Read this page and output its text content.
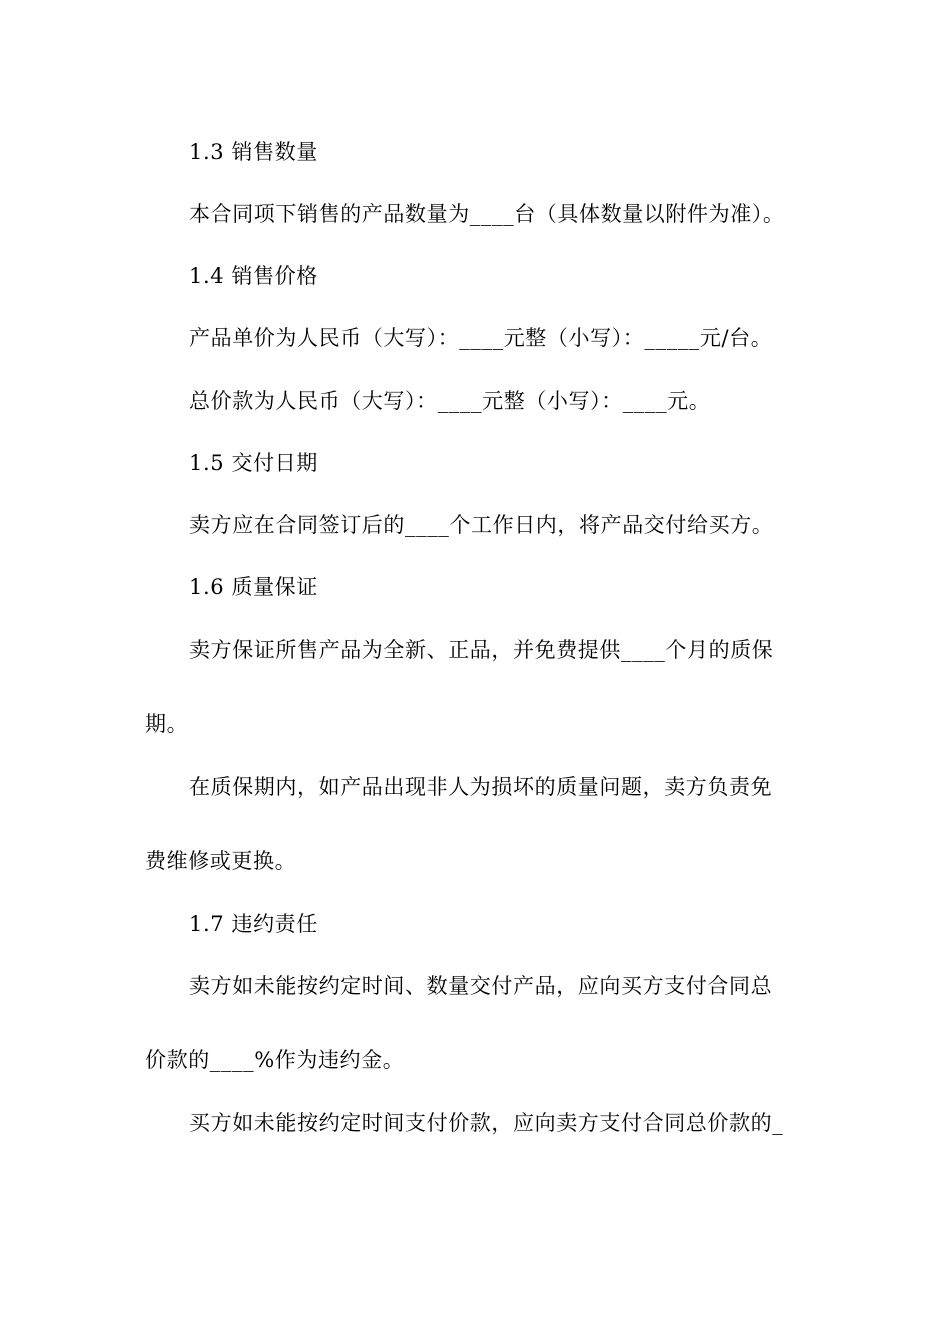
1.3 销售数量
本合同项下销售的产品数量为____台（具体数量以附件为准）。
1.4 销售价格
产品单价为人民币（大写）：____元整（小写）：_____元/台。
总价款为人民币（大写）：____元整（小写）：____元。
1.5 交付日期
卖方应在合同签订后的____个工作日内，将产品交付给买方。
1.6 质量保证
卖方保证所售产品为全新、正品，并免费提供____个月的质保
期。
在质保期内，如产品出现非人为损坏的质量问题，卖方负责免
费维修或更换。
1.7 违约责任
卖方如未能按约定时间、数量交付产品，应向买方支付合同总
价款的____%作为违约金。
买方如未能按约定时间支付价款，应向卖方支付合同总价款的_
